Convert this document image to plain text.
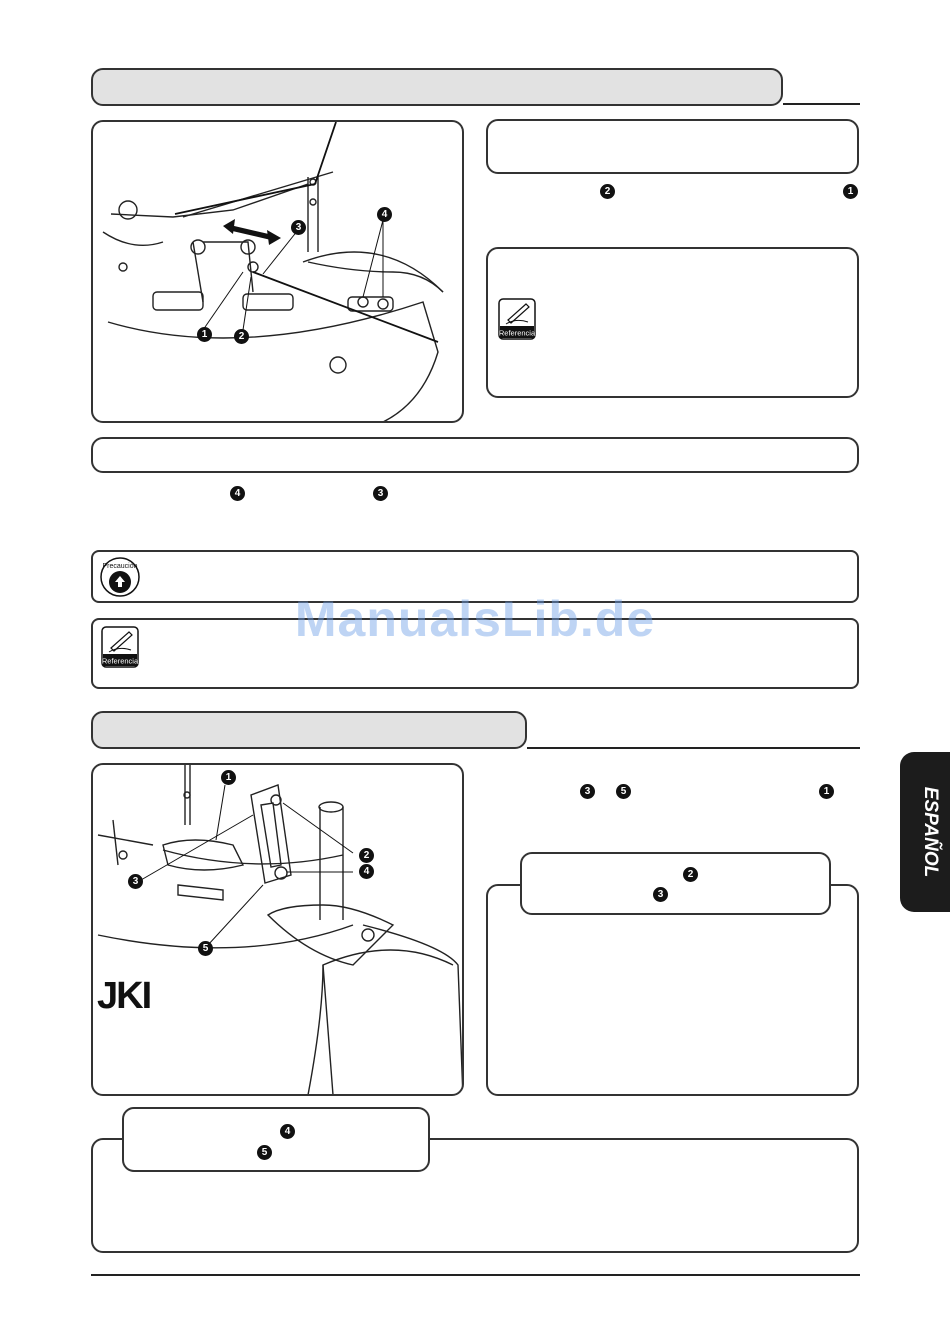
1	2
3
4
2	1
Referencia
4	3
Precaución
Referencia
ManualsLib.de
JKI
1
2
4
3
5
3	5	1
2
3
4
5
ESPAÑOL
